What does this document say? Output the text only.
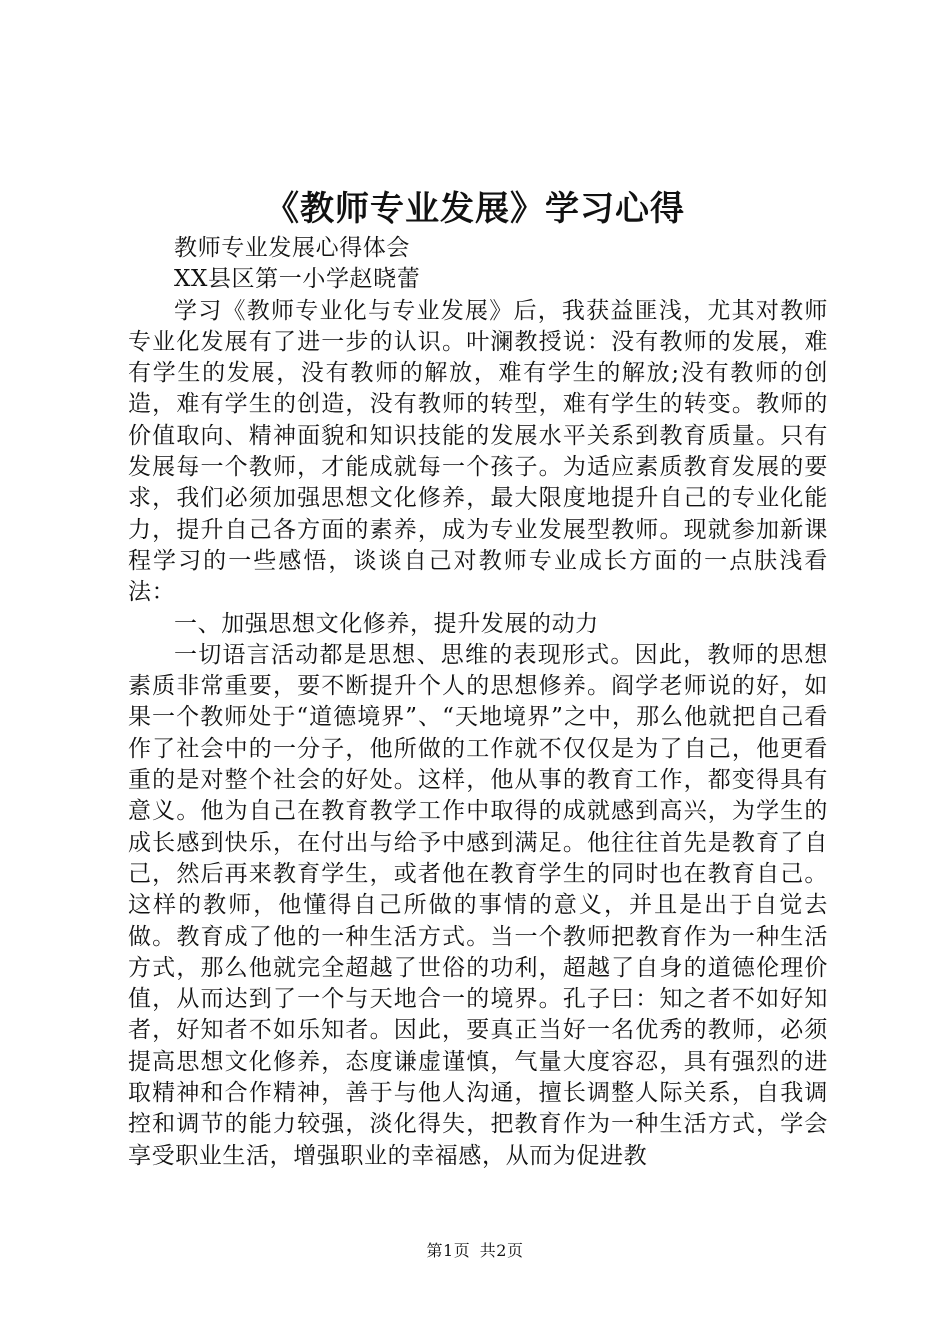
《教师专业发展》学习心得

教师专业发展心得体会

XX县区第一小学赵晓蕾

学习《教师专业化与专业发展》后，我获益匪浅，尤其对教师专业化发展有了进一步的认识。叶澜教授说：没有教师的发展，难有学生的发展，没有教师的解放，难有学生的解放;没有教师的创造，难有学生的创造，没有教师的转型，难有学生的转变。教师的价值取向、精神面貌和知识技能的发展水平关系到教育质量。只有发展每一个教师，才能成就每一个孩子。为适应素质教育发展的要求，我们必须加强思想文化修养，最大限度地提升自己的专业化能力，提升自己各方面的素养，成为专业发展型教师。现就参加新课程学习的一些感悟，谈谈自己对教师专业成长方面的一点肤浅看法：

一、加强思想文化修养，提升发展的动力

一切语言活动都是思想、思维的表现形式。因此，教师的思想素质非常重要，要不断提升个人的思想修养。阎学老师说的好，如果一个教师处于“道德境界”、“天地境界”之中，那么他就把自己看作了社会中的一分子，他所做的工作就不仅仅是为了自己，他更看重的是对整个社会的好处。这样，他从事的教育工作，都变得具有意义。他为自己在教育教学工作中取得的成就感到高兴，为学生的成长感到快乐，在付出与给予中感到满足。他往往首先是教育了自己，然后再来教育学生，或者他在教育学生的同时也在教育自己。这样的教师，他懂得自己所做的事情的意义，并且是出于自觉去做。教育成了他的一种生活方式。当一个教师把教育作为一种生活方式，那么他就完全超越了世俗的功利，超越了自身的道德伦理价值，从而达到了一个与天地合一的境界。孔子曰：知之者不如好知者，好知者不如乐知者。因此，要真正当好一名优秀的教师，必须提高思想文化修养，态度谦虚谨慎，气量大度容忍，具有强烈的进取精神和合作精神，善于与他人沟通，擅长调整人际关系，自我调控和调节的能力较强，淡化得失，把教育作为一种生活方式，学会享受职业生活，增强职业的幸福感，从而为促进教

第1页 共2页
